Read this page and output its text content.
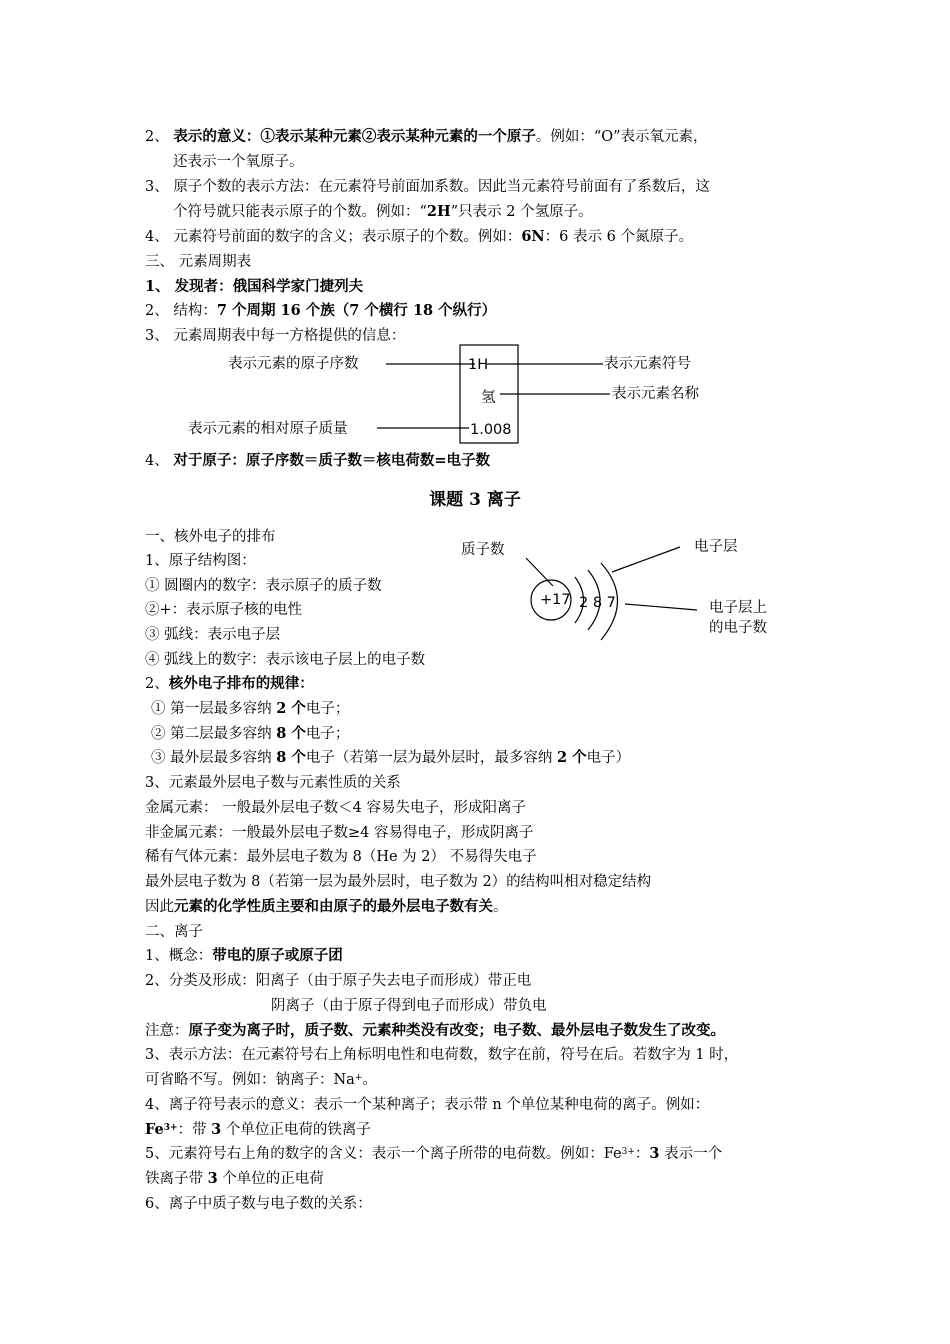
2、 表示的意义：①表示某种元素②表示某种元素的一个原子。例如：“O”表示氧元素，
还表示一个氧原子。
3、 原子个数的表示方法：在元素符号前面加系数。因此当元素符号前面有了系数后，这
个符号就只能表示原子的个数。例如：“2H”只表示 2 个氢原子。
4、 元素符号前面的数字的含义；表示原子的个数。例如：6N：6 表示 6 个氮原子。
三、 元素周期表
1、 发现者：俄国科学家门捷列夫
2、 结构：7 个周期 16 个族（7 个横行 18 个纵行）
3、 元素周期表中每一方格提供的信息：
1H
氢
1.008
表示元素的原子序数	表示元素符号
表示元素名称
表示元素的相对原子质量
4、 对于原子：原子序数＝质子数＝核电荷数=电子数
课题 3 离子
一、核外电子的排布
1、原子结构图：
① 圆圈内的数字：表示原子的质子数
②+：表示原子核的电性
③ 弧线：表示电子层
④ 弧线上的数字：表示该电子层上的电子数
+17 2 8 7
质子数	电子层
电子层上
的电子数
2、核外电子排布的规律：
① 第一层最多容纳 2 个电子；
② 第二层最多容纳 8 个电子；
③ 最外层最多容纳 8 个电子（若第一层为最外层时，最多容纳 2 个电子）
3、元素最外层电子数与元素性质的关系
金属元素： 一般最外层电子数＜4 容易失电子，形成阳离子
非金属元素：一般最外层电子数≥4 容易得电子，形成阴离子
稀有气体元素：最外层电子数为 8（He 为 2） 不易得失电子
最外层电子数为 8（若第一层为最外层时，电子数为 2）的结构叫相对稳定结构
因此元素的化学性质主要和由原子的最外层电子数有关。
二、离子
1、概念：带电的原子或原子团
2、分类及形成：阳离子（由于原子失去电子而形成）带正电
阴离子（由于原子得到电子而形成）带负电
注意：原子变为离子时，质子数、元素种类没有改变；电子数、最外层电子数发生了改变。
3、表示方法：在元素符号右上角标明电性和电荷数，数字在前，符号在后。若数字为 1 时，
可省略不写。例如：钠离子：Na+。
4、离子符号表示的意义：表示一个某种离子；表示带 n 个单位某种电荷的离子。例如：
$Fe^{3+}$：带 3 个单位正电荷的铁离子
5、元素符号右上角的数字的含义：表示一个离子所带的电荷数。例如：$Fe^{3+}$：3 表示一个
铁离子带 3 个单位的正电荷
6、离子中质子数与电子数的关系：
